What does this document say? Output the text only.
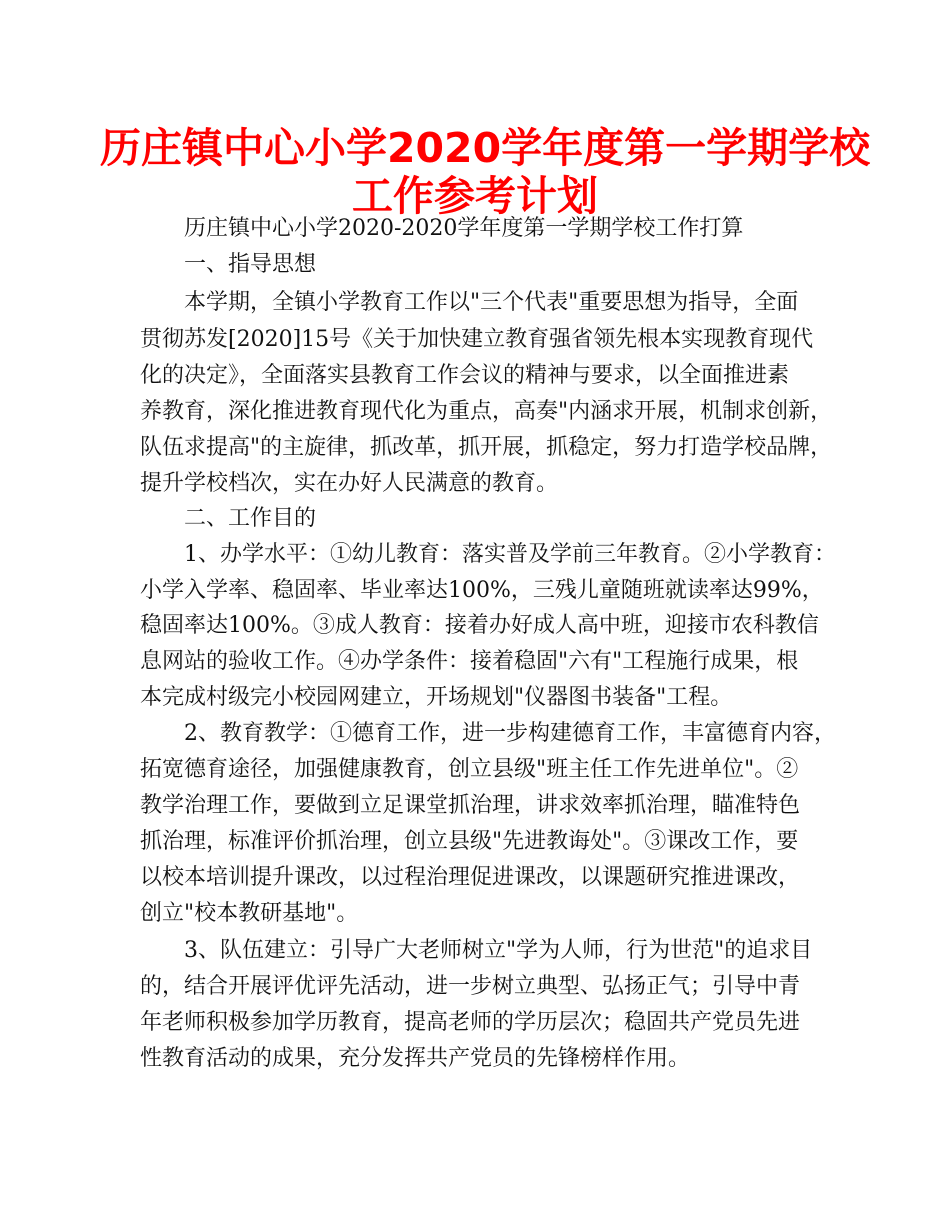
历庄镇中心小学2020学年度第一学期学校
工作参考计划

历庄镇中心小学2020-2020学年度第一学期学校工作打算

一、指导思想

本学期，全镇小学教育工作以"三个代表"重要思想为指导，全面

贯彻苏发[2020]15号《关于加快建立教育强省领先根本实现教育现代

化的决定》，全面落实县教育工作会议的精神与要求，以全面推进素

养教育，深化推进教育现代化为重点，高奏"内涵求开展，机制求创新，

队伍求提高"的主旋律，抓改革，抓开展，抓稳定，努力打造学校品牌，

提升学校档次，实在办好人民满意的教育。

二、工作目的

1、办学水平：①幼儿教育：落实普及学前三年教育。②小学教育：

小学入学率、稳固率、毕业率达100%，三残儿童随班就读率达99%，

稳固率达100%。③成人教育：接着办好成人高中班，迎接市农科教信

息网站的验收工作。④办学条件：接着稳固"六有"工程施行成果，根

本完成村级完小校园网建立，开场规划"仪器图书装备"工程。

2、教育教学：①德育工作，进一步构建德育工作，丰富德育内容，

拓宽德育途径，加强健康教育，创立县级"班主任工作先进单位"。②

教学治理工作，要做到立足课堂抓治理，讲求效率抓治理，瞄准特色

抓治理，标准评价抓治理，创立县级"先进教诲处"。③课改工作，要

以校本培训提升课改，以过程治理促进课改，以课题研究推进课改，

创立"校本教研基地"。

3、队伍建立：引导广大老师树立"学为人师，行为世范"的追求目

的，结合开展评优评先活动，进一步树立典型、弘扬正气；引导中青

年老师积极参加学历教育，提高老师的学历层次；稳固共产党员先进

性教育活动的成果，充分发挥共产党员的先锋榜样作用。
